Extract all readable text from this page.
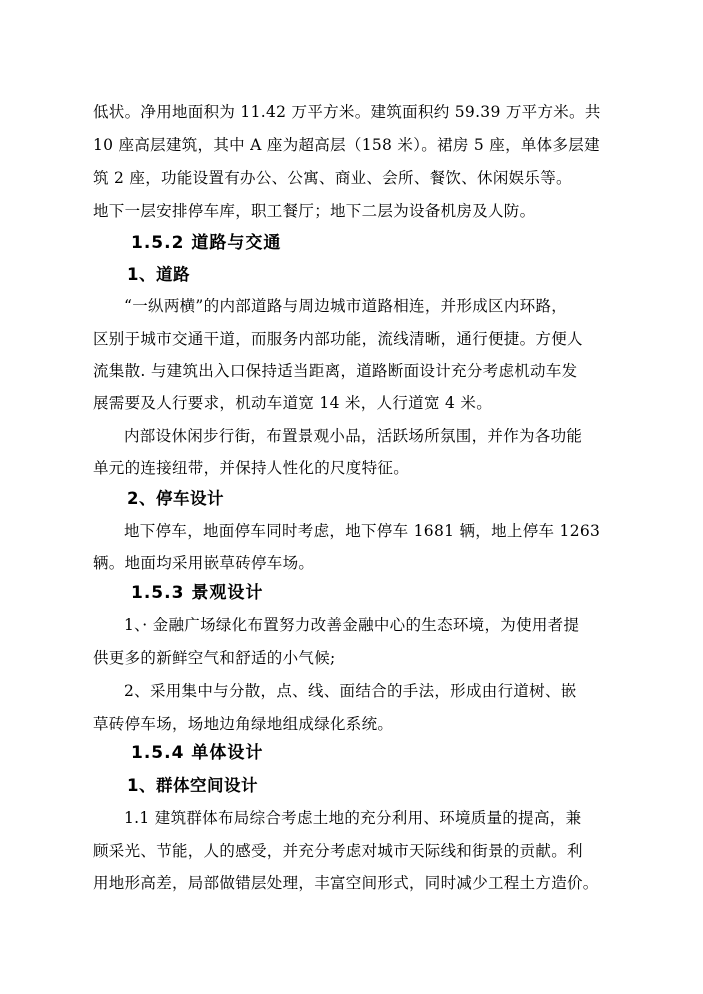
低状。净用地面积为 11.42 万平方米。建筑面积约 59.39 万平方米。共
10 座高层建筑，其中 A 座为超高层（158 米）。裙房 5 座，单体多层建
筑 2 座，功能设置有办公、公寓、商业、会所、餐饮、休闲娱乐等。
地下一层安排停车库，职工餐厅；地下二层为设备机房及人防。
1.5.2 道路与交通
1、道路
“一纵两横”的内部道路与周边城市道路相连，并形成区内环路，
区别于城市交通干道，而服务内部功能，流线清晰，通行便捷。方便人
流集散. 与建筑出入口保持适当距离，道路断面设计充分考虑机动车发
展需要及人行要求，机动车道宽 14 米，人行道宽 4 米。
内部设休闲步行街，布置景观小品，活跃场所氛围，并作为各功能
单元的连接纽带，并保持人性化的尺度特征。
2、停车设计
地下停车，地面停车同时考虑，地下停车 1681 辆，地上停车 1263
辆。地面均采用嵌草砖停车场。
1.5.3 景观设计
1、· 金融广场绿化布置努力改善金融中心的生态环境，为使用者提
供更多的新鲜空气和舒适的小气候;
2、采用集中与分散，点、线、面结合的手法，形成由行道树、嵌
草砖停车场，场地边角绿地组成绿化系统。
1.5.4 单体设计
1、群体空间设计
1.1 建筑群体布局综合考虑土地的充分利用、环境质量的提高，兼
顾采光、节能，人的感受，并充分考虑对城市天际线和街景的贡献。利
用地形高差，局部做错层处理，丰富空间形式，同时减少工程土方造价。
